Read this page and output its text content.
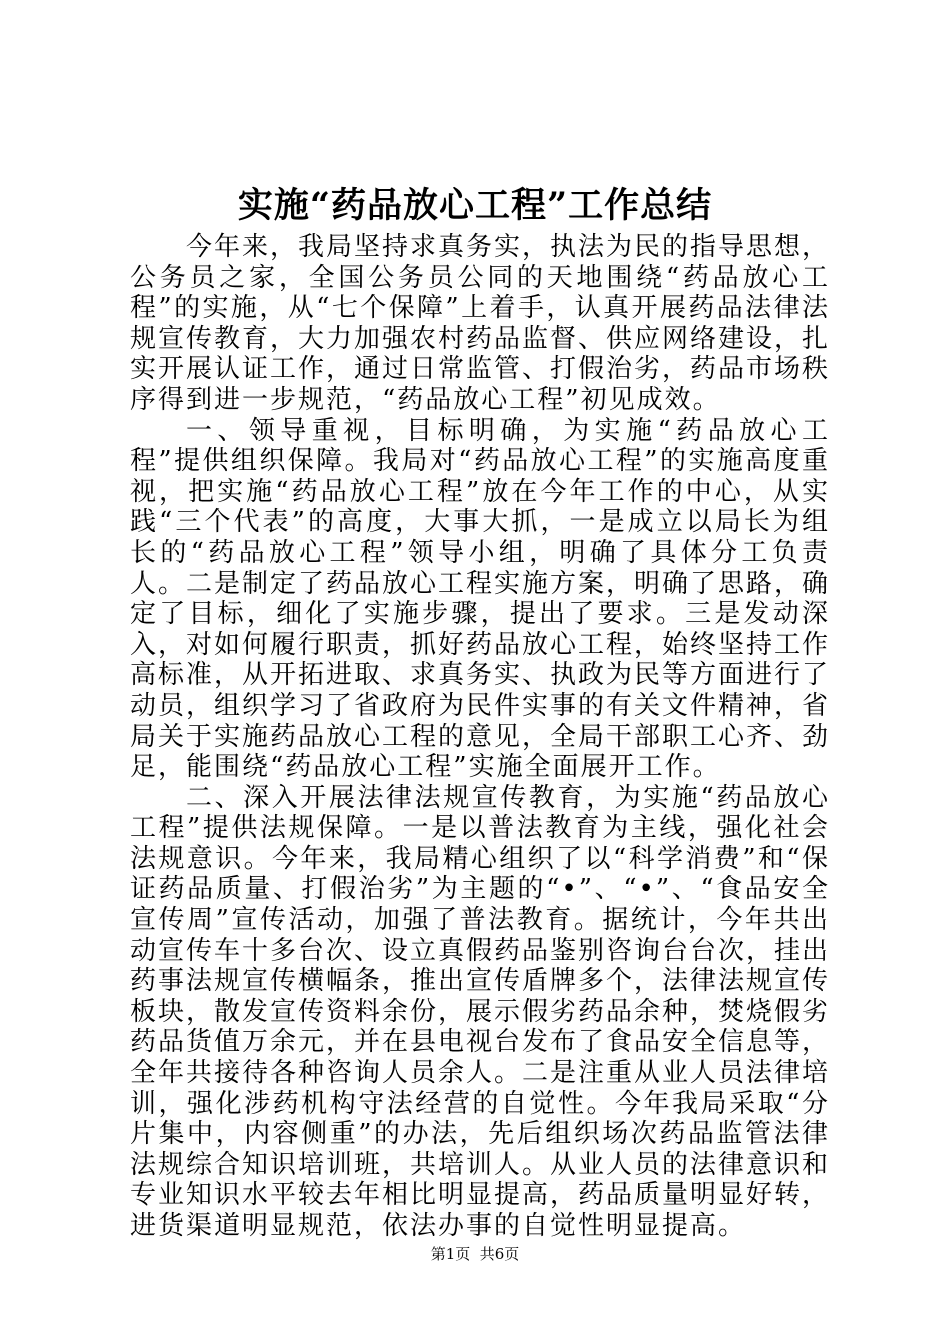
实施“药品放心工程”工作总结

今年来，我局坚持求真务实，执法为民的指导思想，公务员之家，全国公务员公同的天地围绕“药品放心工程”的实施，从“七个保障”上着手，认真开展药品法律法规宣传教育，大力加强农村药品监督、供应网络建设，扎实开展认证工作，通过日常监管、打假治劣，药品市场秩序得到进一步规范，“药品放心工程”初见成效。

一、领导重视，目标明确，为实施“药品放心工程”提供组织保障。我局对“药品放心工程”的实施高度重视，把实施“药品放心工程”放在今年工作的中心，从实践“三个代表”的高度，大事大抓，一是成立以局长为组长的“药品放心工程”领导小组，明确了具体分工负责人。二是制定了药品放心工程实施方案，明确了思路，确定了目标，细化了实施步骤，提出了要求。三是发动深入，对如何履行职责，抓好药品放心工程，始终坚持工作高标准，从开拓进取、求真务实、执政为民等方面进行了动员，组织学习了省政府为民件实事的有关文件精神，省局关于实施药品放心工程的意见，全局干部职工心齐、劲足，能围绕“药品放心工程”实施全面展开工作。

二、深入开展法律法规宣传教育，为实施“药品放心工程”提供法规保障。一是以普法教育为主线，强化社会法规意识。今年来，我局精心组织了以“科学消费”和“保证药品质量、打假治劣”为主题的“•”、“•”、“食品安全宣传周”宣传活动，加强了普法教育。据统计，今年共出动宣传车十多台次、设立真假药品鉴别咨询台台次，挂出药事法规宣传横幅条，推出宣传盾牌多个，法律法规宣传板块，散发宣传资料余份，展示假劣药品余种，焚烧假劣药品货值万余元，并在县电视台发布了食品安全信息等，全年共接待各种咨询人员余人。二是注重从业人员法律培训，强化涉药机构守法经营的自觉性。今年我局采取“分片集中，内容侧重”的办法，先后组织场次药品监管法律法规综合知识培训班，共培训人。从业人员的法律意识和专业知识水平较去年相比明显提高，药品质量明显好转，进货渠道明显规范，依法办事的自觉性明显提高。

第1页  共6页
